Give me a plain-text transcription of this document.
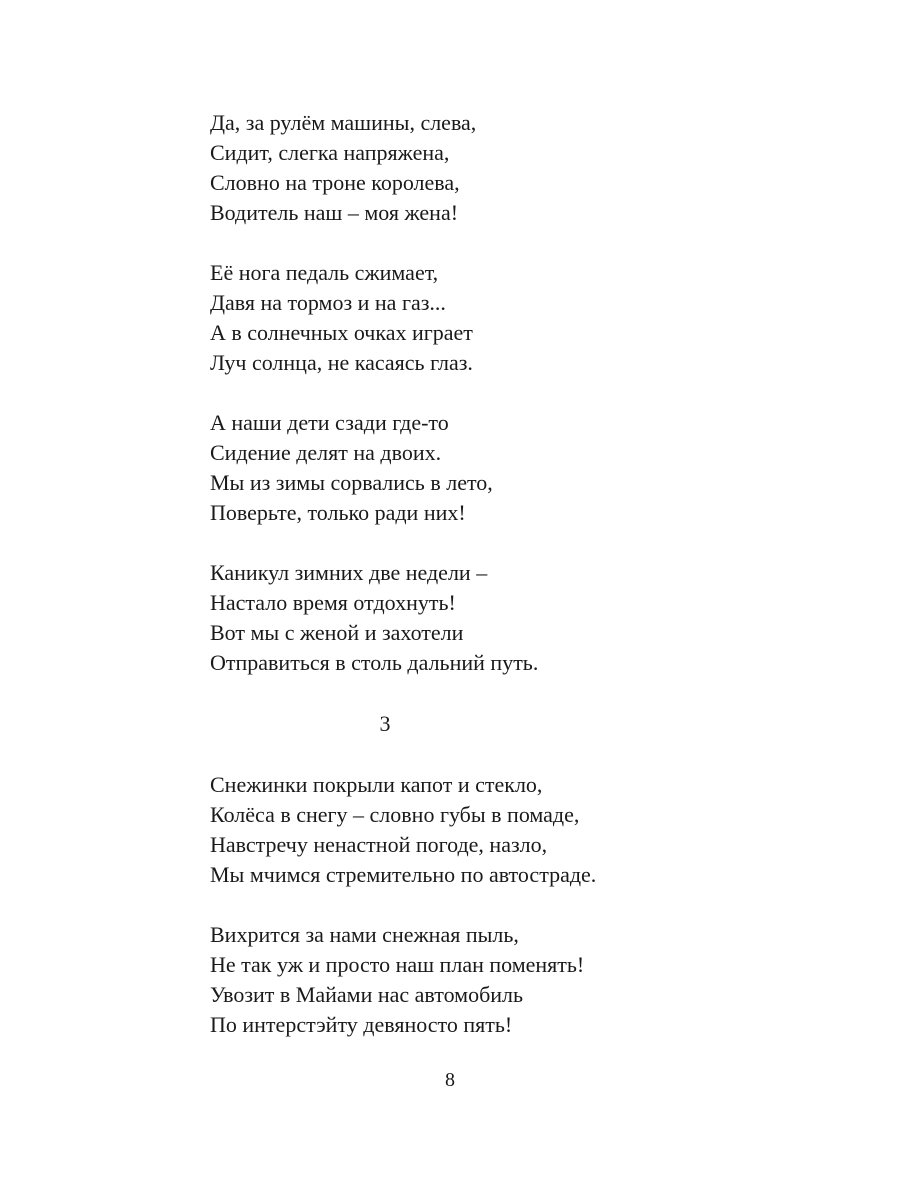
Да, за рулём машины, слева,
Сидит, слегка напряжена,
Словно на троне королева,
Водитель наш – моя жена!
Её нога педаль сжимает,
Давя на тормоз и на газ...
А в солнечных очках играет
Луч солнца, не касаясь глаз.
А наши дети сзади где-то
Сидение делят на двоих.
Мы из зимы сорвались в лето,
Поверьте, только ради них!
Каникул зимних две недели –
Настало время отдохнуть!
Вот мы с женой и захотели
Отправиться в столь дальний путь.
3
Снежинки покрыли капот и стекло,
Колёса в снегу – словно губы в помаде,
Навстречу ненастной погоде, назло,
Мы мчимся стремительно по автостраде.
Вихрится за нами снежная пыль,
Не так уж и просто наш план поменять!
Увозит в Майами нас автомобиль
По интерстэйту девяносто пять!
8
